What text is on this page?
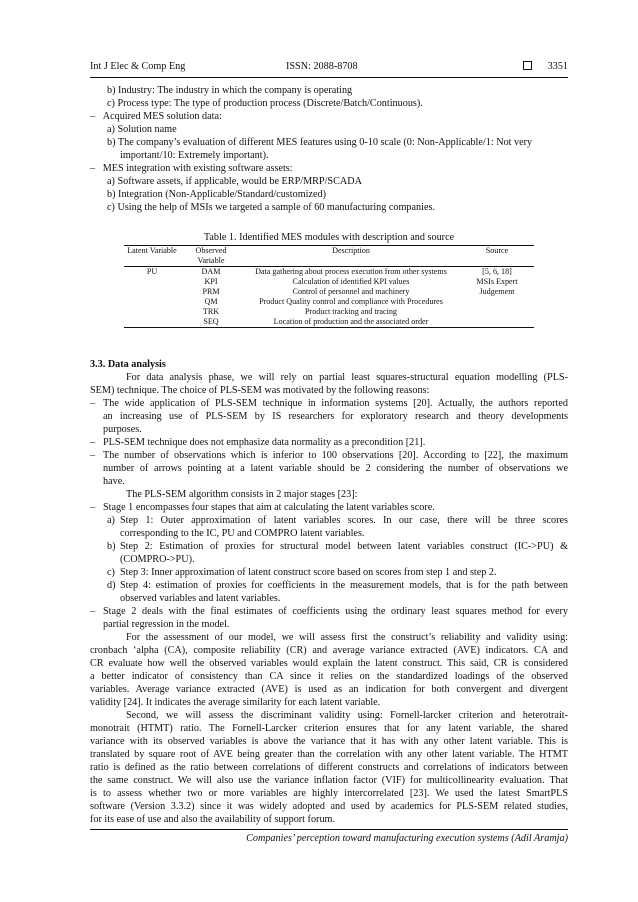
Int J Elec & Comp Eng	ISSN: 2088-8708	3351
b) Industry: The industry in which the company is operating
c) Process type: The type of production process (Discrete/Batch/Continuous).
– Acquired MES solution data:
a) Solution name
b) The company’s evaluation of different MES features using 0-10 scale (0: Non-Applicable/1: Not very
important/10: Extremely important).
– MES integration with existing software assets:
a) Software assets, if applicable, would be ERP/MRP/SCADA
b) Integration (Non-Applicable/Standard/customized)
c) Using the help of MSIs we targeted a sample of 60 manufacturing companies.
Table 1. Identified MES modules with description and source
Latent Variable	Observed Variable	Description	Source
PU	DAM	Data gathering about process execution from other systems	[5, 6, 18]
	KPI	Calculation of identified KPI values	MSIs Expert
	PRM	Control of personnel and machinery	Judgement
	QM	Product Quality control and compliance with Procedures	
	TRK	Product tracking and tracing	
	SEQ	Location of production and the associated order	
3.3. Data analysis
For data analysis phase, we will rely on partial least squares-structural equation modelling (PLS-
SEM) technique. The choice of PLS-SEM was motivated by the following reasons:
– The wide application of PLS-SEM technique in information systems [20]. Actually, the authors reported
an increasing use of PLS-SEM by IS researchers for exploratory research and theory developments
purposes.
– PLS-SEM technique does not emphasize data normality as a precondition [21].
– The number of observations which is inferior to 100 observations [20]. According to [22], the maximum
number of arrows pointing at a latent variable should be 2 considering the number of observations we
have.
The PLS-SEM algorithm consists in 2 major stages [23]:
– Stage 1 encompasses four stapes that aim at calculating the latent variables score.
a) Step 1: Outer approximation of latent variables scores. In our case, there will be three scores
corresponding to the IC, PU and COMPRO latent variables.
b) Step 2: Estimation of proxies for structural model between latent variables construct (IC->PU) &
(COMPRO->PU).
c) Step 3: Inner approximation of latent construct score based on scores from step 1 and step 2.
d) Step 4: estimation of proxies for coefficients in the measurement models, that is for the path between
observed variables and latent variables.
– Stage 2 deals with the final estimates of coefficients using the ordinary least squares method for every
partial regression in the model.
For the assessment of our model, we will assess first the construct’s reliability and validity using:
cronbach ‘alpha (CA), composite reliability (CR) and average variance extracted (AVE) indicators. CA and
CR evaluate how well the observed variables would explain the latent construct. This said, CR is considered
a better indicator of consistency than CA since it relies on the standardized loadings of the observed
variables. Average variance extracted (AVE) is used as an indication for both convergent and divergent
validity [24]. It indicates the average similarity for each latent variable.
Second, we will assess the discriminant validity using: Fornell-larcker criterion and heterotrait-
monotrait (HTMT) ratio. The Fornell-Larcker criterion ensures that for any latent variable, the shared
variance with its observed variables is above the variance that it has with any other latent variable. This is
translated by square root of AVE being greater than the correlation with any other latent variable. The HTMT
ratio is defined as the ratio between correlations of different constructs and correlations of indicators between
the same construct. We will also use the variance inflation factor (VIF) for multicollinearity evaluation. That
is to assess whether two or more variables are highly intercorrelated [23]. We used the latest SmartPLS
software (Version 3.3.2) since it was widely adopted and used by academics for PLS-SEM related studies,
for its ease of use and also the availability of support forum.
Companies’ perception toward manufacturing execution systems (Adil Aramja)
